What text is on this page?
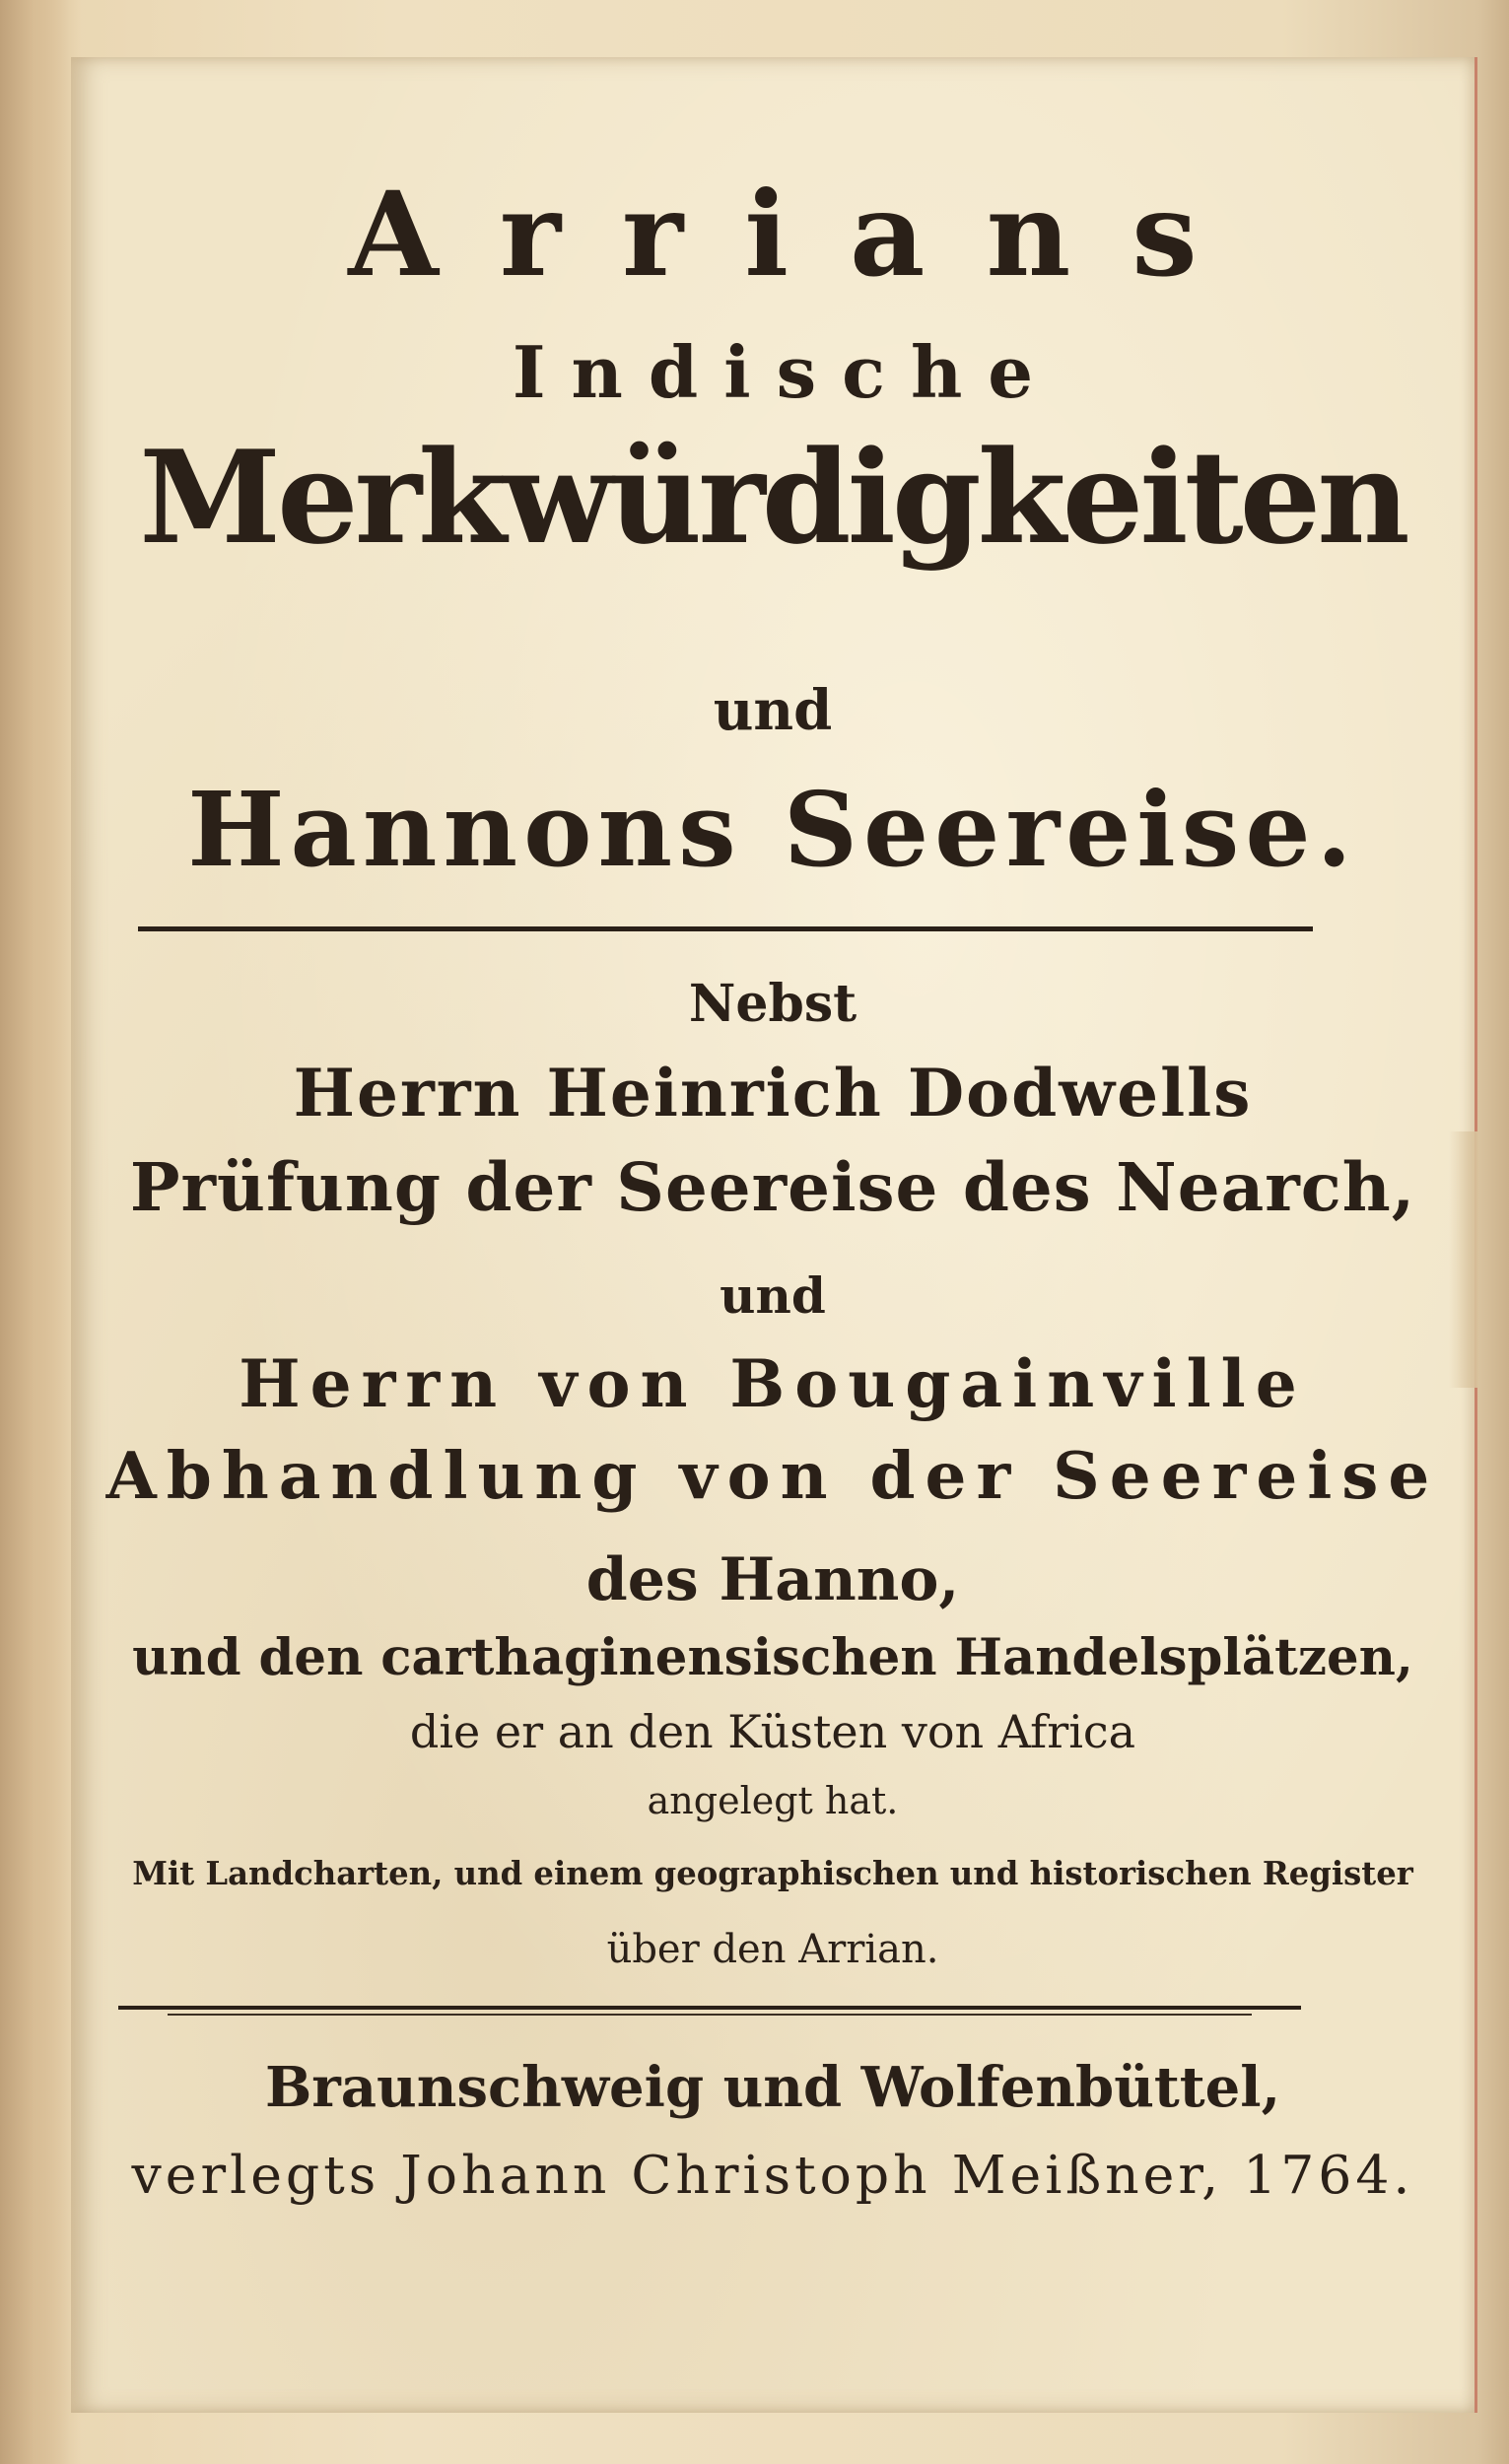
Arrians
Indische
Merkwürdigkeiten
und
Hannons Seereise.
Nebst
Herrn Heinrich Dodwells
Prüfung der Seereise des Nearch,
und
Herrn von Bougainville
Abhandlung von der Seereise
des Hanno,
und den carthaginensischen Handelsplätzen,
die er an den Küsten von Africa
angelegt hat.
Mit Landcharten, und einem geographischen und historischen Register
über den Arrian.
Braunschweig und Wolfenbüttel,
verlegts Johann Christoph Meißner, 1764.
